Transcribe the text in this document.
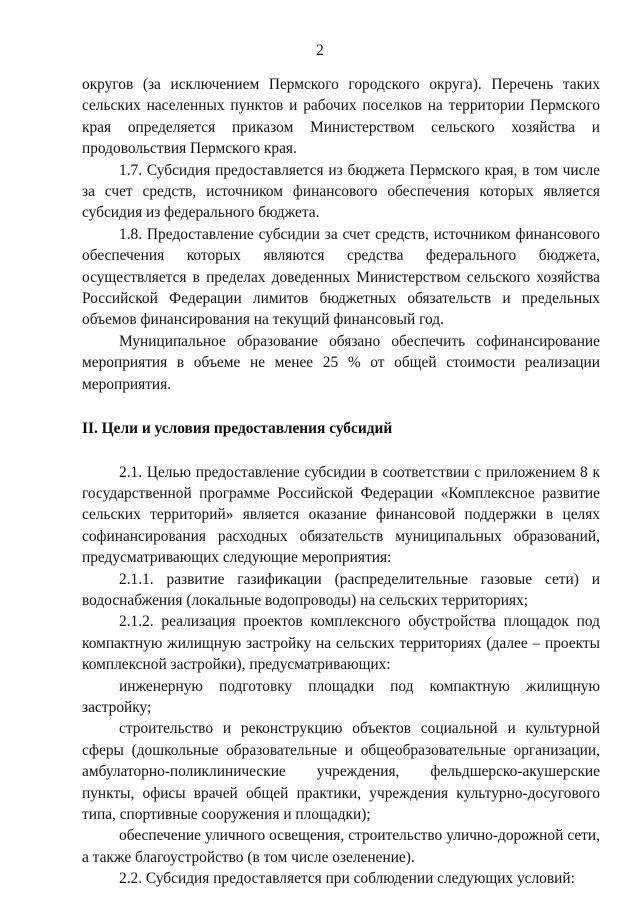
2

округов (за исключением Пермского городского округа). Перечень таких сельских населенных пунктов и рабочих поселков на территории Пермского края определяется приказом Министерством сельского хозяйства и продовольствия Пермского края.

1.7. Субсидия предоставляется из бюджета Пермского края, в том числе за счет средств, источником финансового обеспечения которых является субсидия из федерального бюджета.

1.8. Предоставление субсидии за счет средств, источником финансового обеспечения которых являются средства федерального бюджета, осуществляется в пределах доведенных Министерством сельского хозяйства Российской Федерации лимитов бюджетных обязательств и предельных объемов финансирования на текущий финансовый год.

Муниципальное образование обязано обеспечить софинансирование мероприятия в объеме не менее 25 % от общей стоимости реализации мероприятия.

II. Цели и условия предоставления субсидий

2.1. Целью предоставление субсидии в соответствии с приложением 8 к государственной программе Российской Федерации «Комплексное развитие сельских территорий» является оказание финансовой поддержки в целях софинансирования расходных обязательств муниципальных образований, предусматривающих следующие мероприятия:

2.1.1. развитие газификации (распределительные газовые сети) и водоснабжения (локальные водопроводы) на сельских территориях;

2.1.2. реализация проектов комплексного обустройства площадок под компактную жилищную застройку на сельских территориях (далее – проекты комплексной застройки), предусматривающих:

инженерную подготовку площадки под компактную жилищную застройку;

строительство и реконструкцию объектов социальной и культурной сферы (дошкольные образовательные и общеобразовательные организации, амбулаторно-поликлинические учреждения, фельдшерско-акушерские пункты, офисы врачей общей практики, учреждения культурно-досугового типа, спортивные сооружения и площадки);

обеспечение уличного освещения, строительство улично-дорожной сети, а также благоустройство (в том числе озеленение).

2.2. Субсидия предоставляется при соблюдении следующих условий:
